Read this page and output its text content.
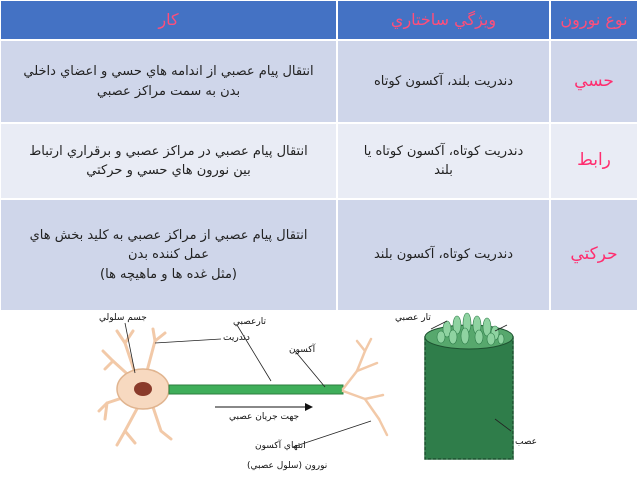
نوع نورون
ويژگي ساختاري
كار
حسي
دندريت بلند، آكسون كوتاه
انتقال پيام عصبي از اندامه هاي حسي و اعضاي داخلي
بدن به سمت مراكز عصبي
رابط
دندريت كوتاه، آكسون كوتاه يا
بلند
انتقال پيام عصبي در مراكز عصبي و برقراري ارتباط
بين نورون هاي حسي و حركتي
حركتي
دندريت كوتاه، آكسون بلند
انتقال پيام عصبي از مراكز عصبي به كليد بخش هاي
عمل كننده بدن
(مثل غده ها و ماهيچه ها)
جسم سلولي	تارعصبي
دندريت
آكسون
جهت جريان عصبي
انتهاي آكسون
نورون (سلول عصبي)
تار عصبي
عصب
